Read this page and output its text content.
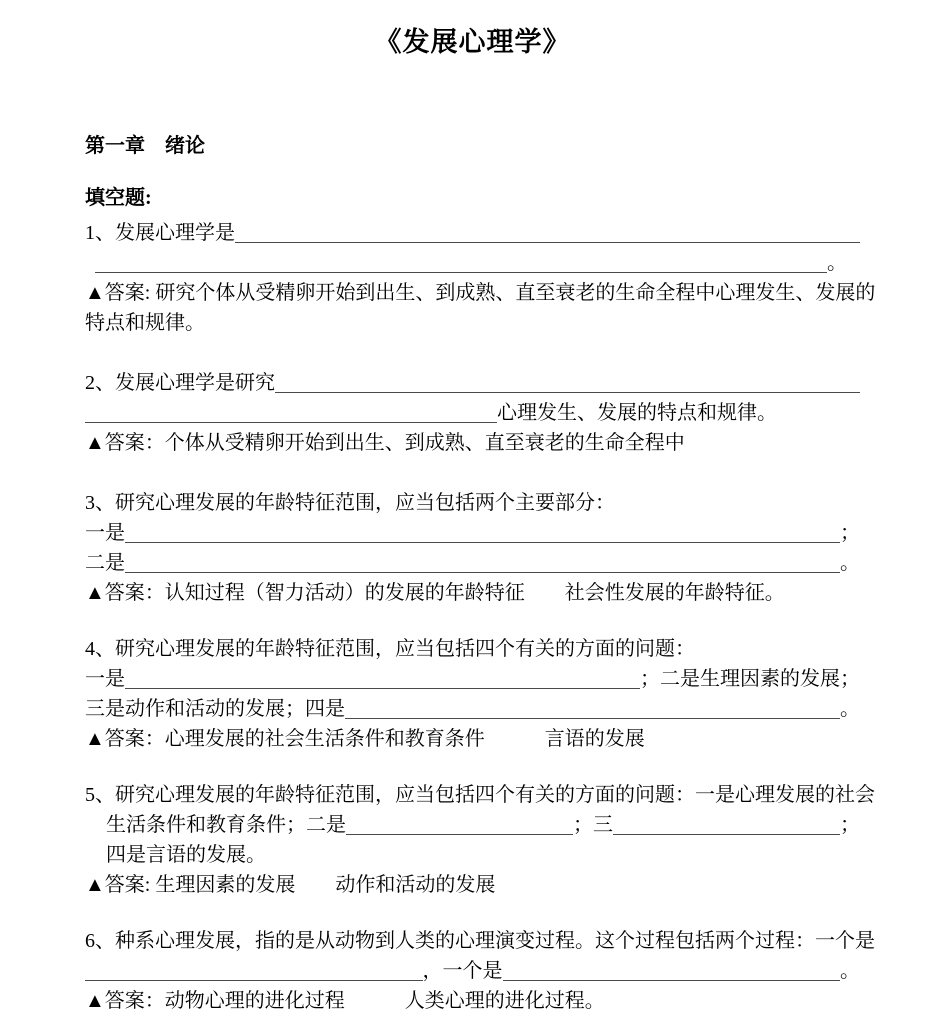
《发展心理学》
第一章　绪论
填空题:
1、发展心理学是
。
▲答案: 研究个体从受精卵开始到出生、到成熟、直至衰老的生命全程中心理发生、发展的
特点和规律。
2、发展心理学是研究
心理发生、发展的特点和规律。
▲答案：个体从受精卵开始到出生、到成熟、直至衰老的生命全程中
3、研究心理发展的年龄特征范围，应当包括两个主要部分：
一是	；
二是	。
▲答案：认知过程（智力活动）的发展的年龄特征　　社会性发展的年龄特征。
4、研究心理发展的年龄特征范围，应当包括四个有关的方面的问题：
一是	；二是生理因素的发展；
三是动作和活动的发展；四是	。
▲答案：心理发展的社会生活条件和教育条件　　　言语的发展
5、研究心理发展的年龄特征范围，应当包括四个有关的方面的问题：一是心理发展的社会
生活条件和教育条件；二是	；三	；
四是言语的发展。
▲答案: 生理因素的发展　　动作和活动的发展
6、种系心理发展，指的是从动物到人类的心理演变过程。这个过程包括两个过程：一个是
，一个是	。
▲答案：动物心理的进化过程　　　人类心理的进化过程。
